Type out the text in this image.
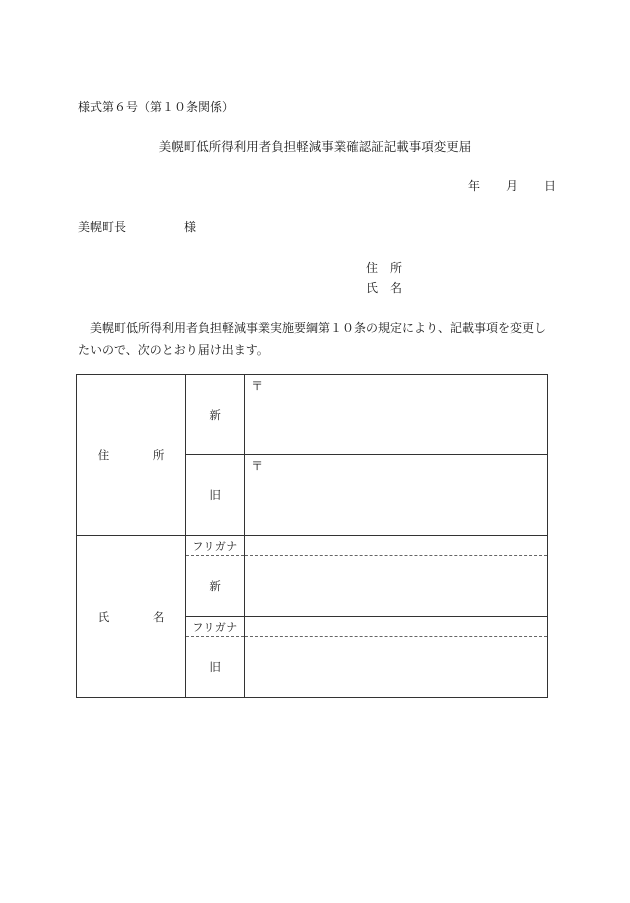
様式第６号（第１０条関係）
美幌町低所得利用者負担軽減事業確認証記載事項変更届
年 月 日
美幌町長	様
住 所
氏 名
美幌町低所得利用者負担軽減事業実施要綱第１０条の規定により、記載事項を変更したいので、次のとおり届け出ます。
住　所	新	〒
	旧	〒
氏　名	フリガナ	
	新	
	フリガナ	
	旧	
